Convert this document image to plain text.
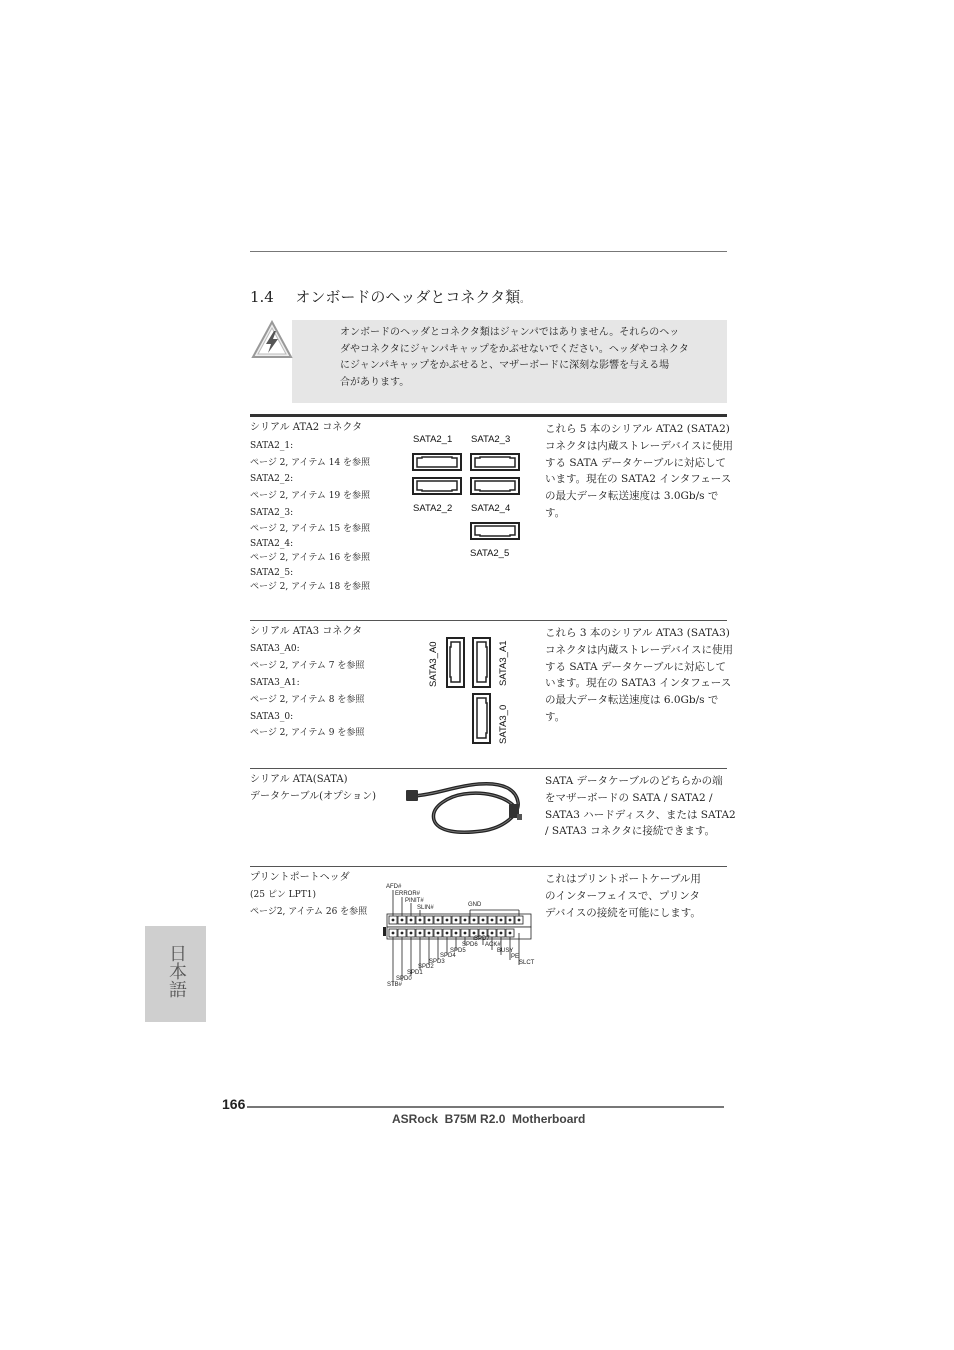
1.4 オンボードのヘッダとコネクタ類。
オンボードのヘッダとコネクタ類はジャンパではありません。それらのヘッ
ダやコネクタにジャンパキャップをかぶせないでください。ヘッダやコネクタ
にジャンパキャップをかぶせると、マザーボードに深刻な影響を与える場
合があります。
シリアル ATA2 コネクタ
SATA2_1:
ページ 2, アイテム 14 を参照
SATA2_2:
ページ 2, アイテム 19 を参照
SATA2_3:
ページ 2, アイテム 15 を参照
SATA2_4:
ページ 2, アイテム 16 を参照
SATA2_5:
ページ 2, アイテム 18 を参照
SATA2_1 SATA2_3
SATA2_2 SATA2_4
SATA2_5
これら 5 本のシリアル ATA2 (SATA2)
コネクタは内蔵ストレーデバイスに使用
する SATA データケーブルに対応して
います。現在の SATA2 インタフェース
の最大データ転送速度は 3.0Gb/s で
す。
シリアル ATA3 コネクタ
SATA3_A0:
ページ 2, アイテム 7 を参照
SATA3_A1:
ページ 2, アイテム 8 を参照
SATA3_0:
ページ 2, アイテム 9 を参照
SATA3_A0	SATA3_A1
SATA3_0
これら 3 本のシリアル ATA3 (SATA3)
コネクタは内蔵ストレーデバイスに使用
する SATA データケーブルに対応して
います。現在の SATA3 インタフェース
の最大データ転送速度は 6.0Gb/s で
す。
シリアル ATA(SATA)
データケーブル(オプション)
SATA データケーブルのどちらかの端
をマザーボードの SATA / SATA2 /
SATA3 ハードディスク、または SATA2
/ SATA3 コネクタに接続できます。
プリントポートヘッダ
(25 ピン LPT1)
ページ2, アイテム 26 を参照
AFD#
ERROR#
PINIT#
SLIN#	GND
SPD7
ACK#
SPD6
BUSY
SPD5
PE
SPD4
SLCT
SPD3
SPD2
SPD1
SPD0
STB#
これはプリントポートケーブル用
のインターフェイスで、プリンタ
デバイスの接続を可能にします。
日本語
166
ASRock  B75M R2.0  Motherboard
